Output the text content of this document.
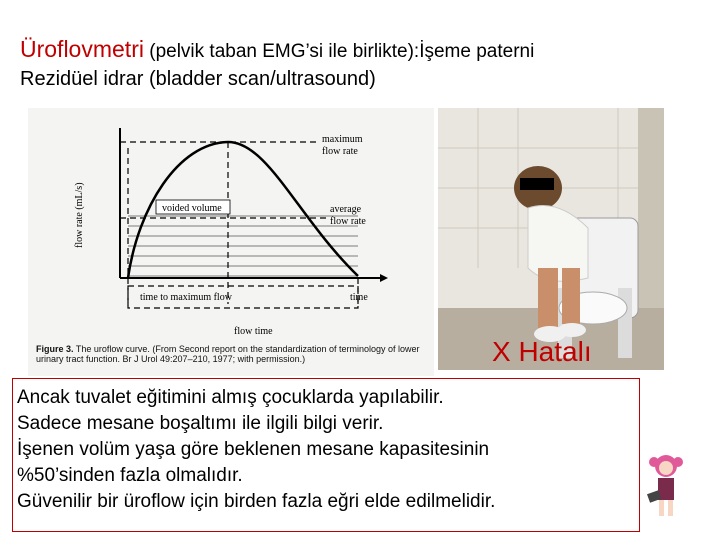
Üroflovmetri (pelvik taban EMG’si ile birlikte):İşeme paterni
Rezidüel idrar (bladder scan/ultrasound)
voided volume
maximum
flow rate
average
flow rate
time to maximum flow	time
flow time
flow rate (mL/s)
Figure 3. The uroflow curve. (From Second report on the standardization of terminology of lower urinary tract function. Br J Urol 49:207–210, 1977; with permission.)	X Hatalı
Ancak tuvalet eğitimini almış çocuklarda yapılabilir.
Sadece mesane boşaltımı ile ilgili bilgi verir.
İşenen volüm yaşa göre beklenen mesane kapasitesinin
%50’sinden fazla olmalıdır.
Güvenilir bir üroflow için birden fazla eğri elde edilmelidir.
